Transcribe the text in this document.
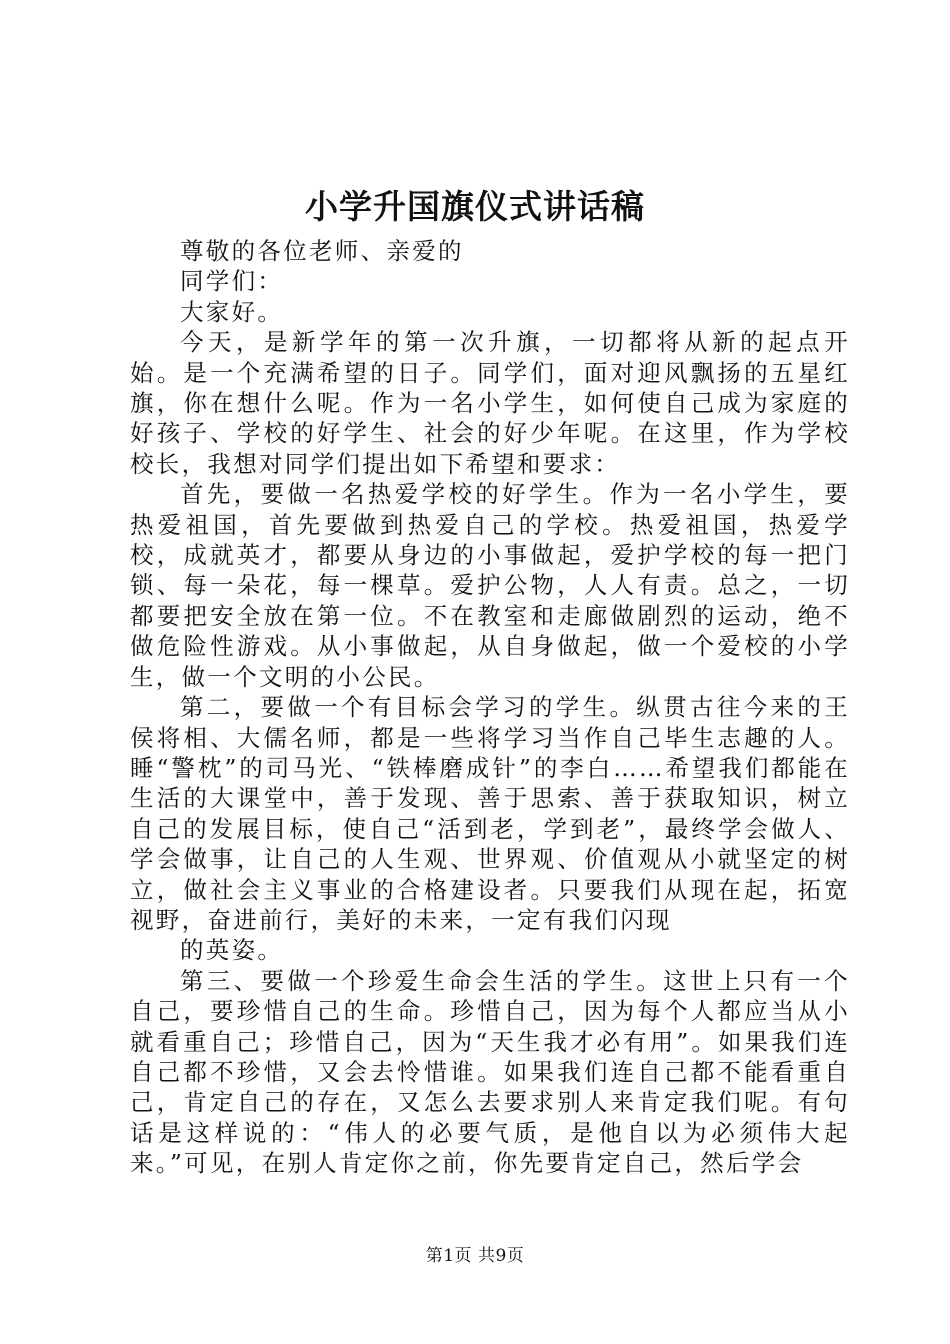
小学升国旗仪式讲话稿

尊敬的各位老师、亲爱的

同学们：

大家好。

今天，是新学年的第一次升旗，一切都将从新的起点开始。是一个充满希望的日子。同学们，面对迎风飘扬的五星红旗，你在想什么呢。作为一名小学生，如何使自己成为家庭的好孩子、学校的好学生、社会的好少年呢。在这里，作为学校校长，我想对同学们提出如下希望和要求：

首先，要做一名热爱学校的好学生。作为一名小学生，要热爱祖国，首先要做到热爱自己的学校。热爱祖国，热爱学校，成就英才，都要从身边的小事做起，爱护学校的每一把门锁、每一朵花，每一棵草。爱护公物，人人有责。总之，一切都要把安全放在第一位。不在教室和走廊做剧烈的运动，绝不做危险性游戏。从小事做起，从自身做起，做一个爱校的小学生，做一个文明的小公民。

第二，要做一个有目标会学习的学生。纵贯古往今来的王侯将相、大儒名师，都是一些将学习当作自己毕生志趣的人。睡“警枕”的司马光、“铁棒磨成针”的李白……希望我们都能在生活的大课堂中，善于发现、善于思索、善于获取知识，树立自己的发展目标，使自己“活到老，学到老”，最终学会做人、学会做事，让自己的人生观、世界观、价值观从小就坚定的树立，做社会主义事业的合格建设者。只要我们从现在起，拓宽视野，奋进前行，美好的未来，一定有我们闪现

的英姿。

第三、要做一个珍爱生命会生活的学生。这世上只有一个自己，要珍惜自己的生命。珍惜自己，因为每个人都应当从小就看重自己；珍惜自己，因为“天生我才必有用”。如果我们连自己都不珍惜，又会去怜惜谁。如果我们连自己都不能看重自己，肯定自己的存在，又怎么去要求别人来肯定我们呢。有句话是这样说的：“伟人的必要气质，是他自以为必须伟大起来。”可见，在别人肯定你之前，你先要肯定自己，然后学会

第1页 共9页
